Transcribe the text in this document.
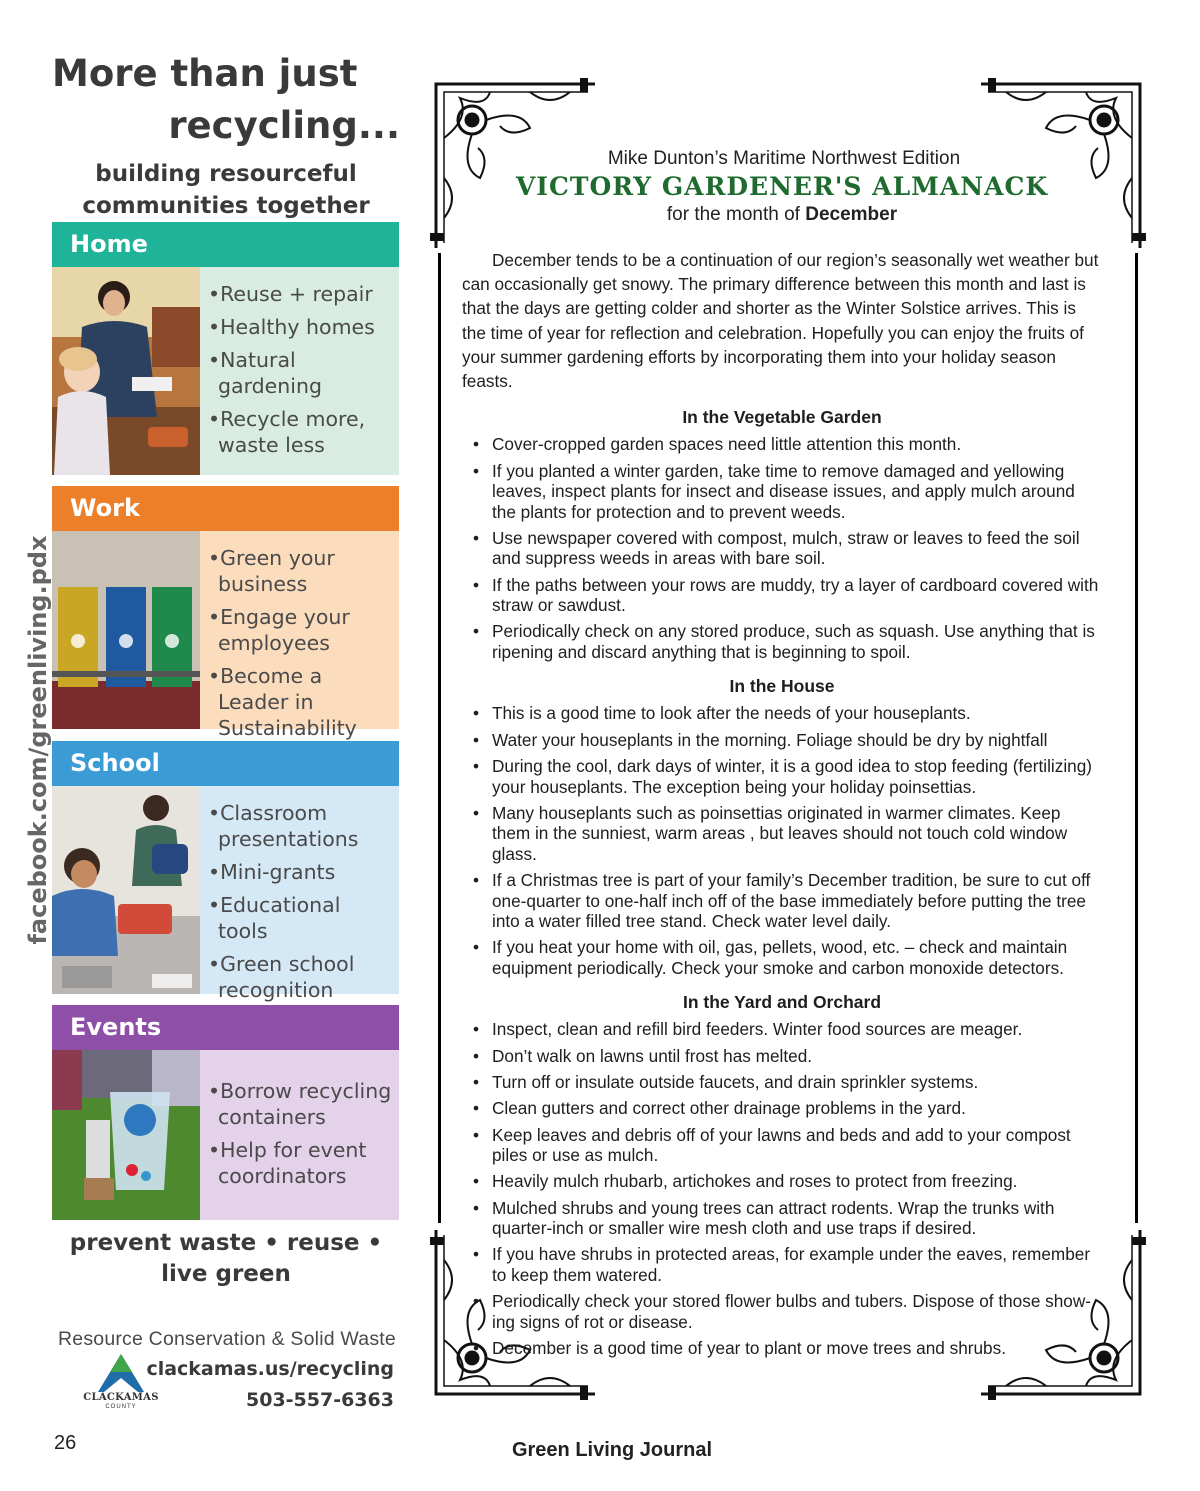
facebook.com/greenliving.pdx
More than just
recycling...
building resourceful
communities together
Home
•Reuse + repair
•Healthy homes
•Natural gardening
•Recycle more, waste less
Work
•Green your business
•Engage your employees
•Become a Leader in Sustainability
School
•Classroom presentations
•Mini-grants
•Educational tools
•Green school recognition
Events
•Borrow recycling containers
•Help for event coordinators
prevent waste • reuse •
live green
Resource Conservation & Solid Waste
CLACKAMAS
COUNTY
clackamas.us/recycling
503-557-6363
Mike Dunton’s Maritime Northwest Edition
VICTORY GARDENER'S ALMANACK
for the month of December

December tends to be a continuation of our region’s seasonally wet weather but can occasionally get snowy. The primary difference between this month and last is that the days are getting colder and shorter as the Winter Solstice arrives. This is the time of year for reflection and celebration. Hopefully you can enjoy the fruits of your summer gardening efforts by incorporating them into your holiday season feasts.

In the Vegetable Garden
• Cover-cropped garden spaces need little attention this month.
• If you planted a winter garden, take time to remove damaged and yellowing leaves, inspect plants for insect and disease issues, and apply mulch around the plants for protection and to prevent weeds.
• Use newspaper covered with compost, mulch, straw or leaves to feed the soil and suppress weeds in areas with bare soil.
• If the paths between your rows are muddy, try a layer of cardboard covered with straw or sawdust.
• Periodically check on any stored produce, such as squash. Use anything that is ripening and discard anything that is beginning to spoil.
In the House
• This is a good time to look after the needs of your houseplants.
• Water your houseplants in the morning. Foliage should be dry by nightfall
• During the cool, dark days of winter, it is a good idea to stop feeding (fertilizing) your houseplants. The exception being your holiday poinsettias.
• Many houseplants such as poinsettias originated in warmer climates. Keep them in the sunniest, warm areas , but leaves should not touch cold window glass.
• If a Christmas tree is part of your family’s December tradition, be sure to cut off one-quarter to one-half inch off of the base immediately before putting the tree into a water filled tree stand. Check water level daily.
• If you heat your home with oil, gas, pellets, wood, etc. – check and maintain equipment periodically. Check your smoke and carbon monoxide detectors.
In the Yard and Orchard
• Inspect, clean and refill bird feeders. Winter food sources are meager.
• Don’t walk on lawns until frost has melted.
• Turn off or insulate outside faucets, and drain sprinkler systems.
• Clean gutters and correct other drainage problems in the yard.
• Keep leaves and debris off of your lawns and beds and add to your compost piles or use as mulch.
• Heavily mulch rhubarb, artichokes and roses to protect from freezing.
• Mulched shrubs and young trees can attract rodents. Wrap the trunks with quarter-inch or smaller wire mesh cloth and use traps if desired.
• If you have shrubs in protected areas, for example under the eaves, remember to keep them watered.
• Periodically check your stored flower bulbs and tubers. Dispose of those show-ing signs of rot or disease.
• December is a good time of year to plant or move trees and shrubs.
26	Green Living Journal
